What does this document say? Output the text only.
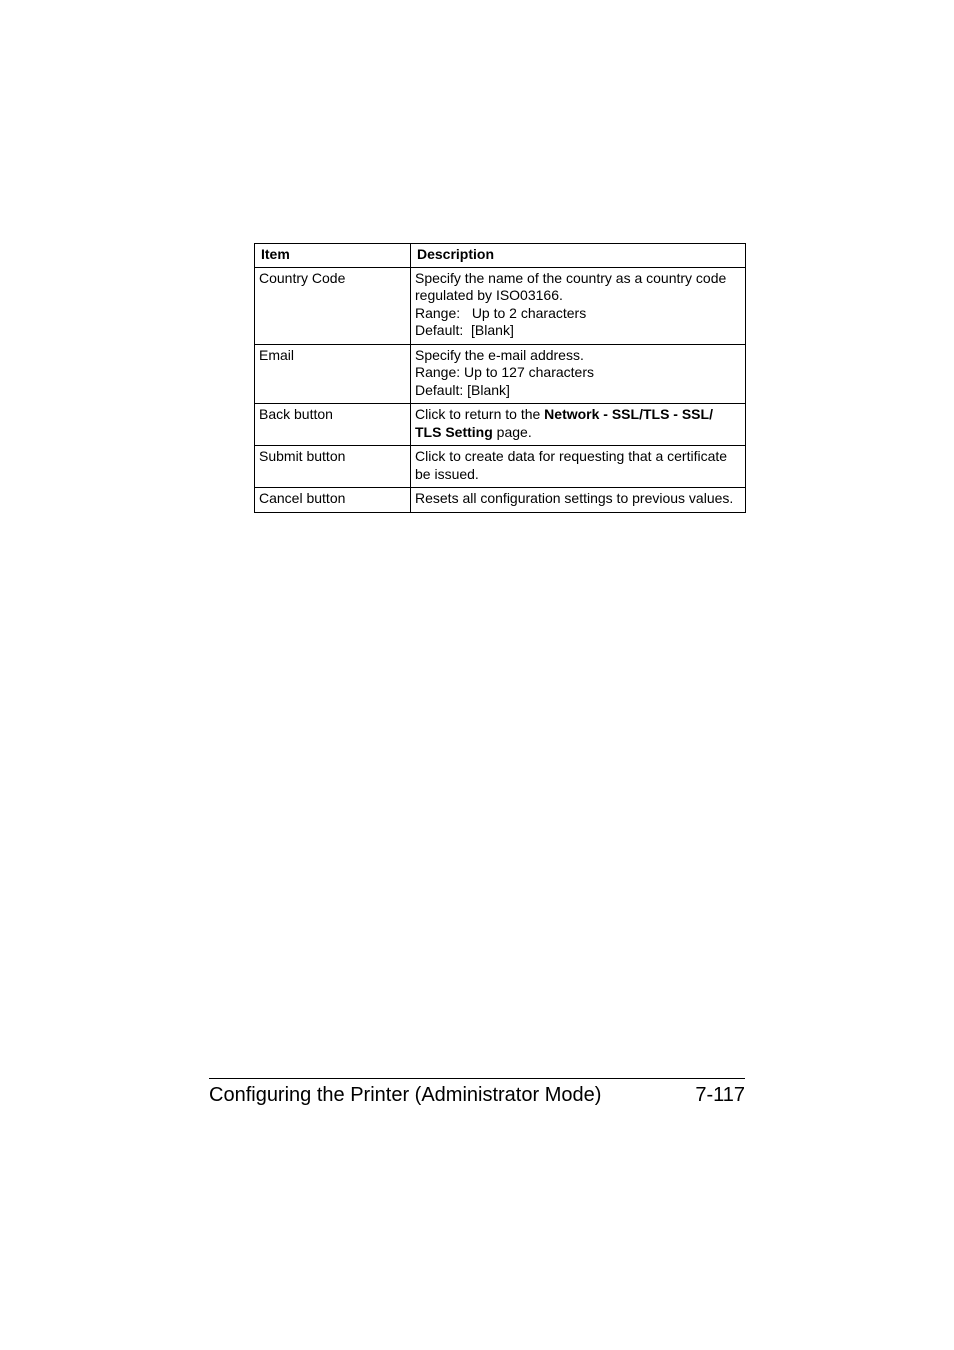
Item	Description
Country Code	Specify the name of the country as a country code
regulated by ISO03166.
Range:   Up to 2 characters
Default:  [Blank]

Email	Specify the e-mail address.
Range: Up to 127 characters
Default: [Blank]

Back button	Click to return to the Network - SSL/TLS - SSL/
TLS Setting page.

Submit button	Click to create data for requesting that a certificate
be issued.

Cancel button	Resets all configuration settings to previous values.
Configuring the Printer (Administrator Mode)	7-117
